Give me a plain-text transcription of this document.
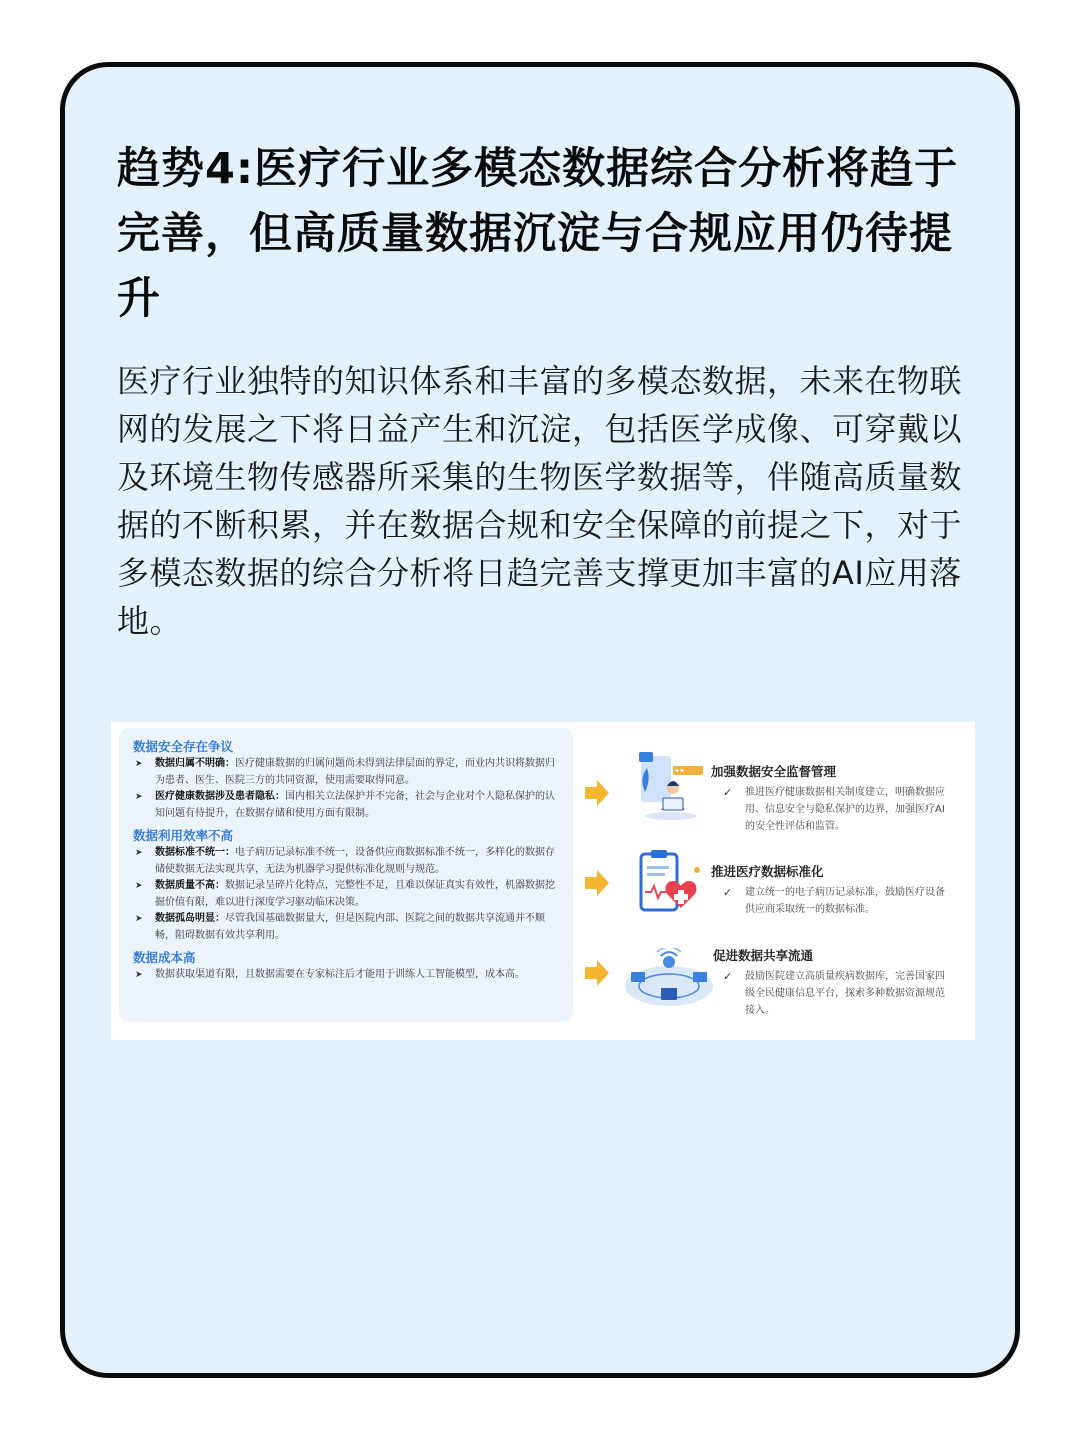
趋势4:医疗行业多模态数据综合分析将趋于完善，但高质量数据沉淀与合规应用仍待提升
医疗行业独特的知识体系和丰富的多模态数据，未来在物联网的发展之下将日益产生和沉淀，包括医学成像、可穿戴以及环境生物传感器所采集的生物医学数据等，伴随高质量数据的不断积累，并在数据合规和安全保障的前提之下，对于多模态数据的综合分析将日趋完善支撑更加丰富的AI应用落地。
数据安全存在争议
➤ 数据归属不明确：医疗健康数据的归属问题尚未得到法律层面的界定，而业内共识将数据归为患者、医生、医院三方的共同资源，使用需要取得同意。
➤ 医疗健康数据涉及患者隐私：国内相关立法保护并不完备，社会与企业对个人隐私保护的认知问题有待提升，在数据存储和使用方面有限制。
数据利用效率不高
➤ 数据标准不统一：电子病历记录标准不统一，设备供应商数据标准不统一，多样化的数据存储使数据无法实现共享，无法为机器学习提供标准化规则与规范。
➤ 数据质量不高：数据记录呈碎片化特点，完整性不足，且难以保证真实有效性，机器数据挖掘价值有限，难以进行深度学习驱动临床决策。
➤ 数据孤岛明显：尽管我国基础数据量大，但是医院内部、医院之间的数据共享流通并不顺畅，阻碍数据有效共享利用。
数据成本高
➤ 数据获取渠道有限，且数据需要在专家标注后才能用于训练人工智能模型，成本高。
加强数据安全监督管理
✓ 推进医疗健康数据相关制度建立，明确数据应用、信息安全与隐私保护的边界，加强医疗AI的安全性评估和监管。
推进医疗数据标准化
✓ 建立统一的电子病历记录标准，鼓励医疗设备供应商采取统一的数据标准。
促进数据共享流通
✓ 鼓励医院建立高质量疾病数据库，完善国家四级全民健康信息平台，探索多种数据资源规范接入。
